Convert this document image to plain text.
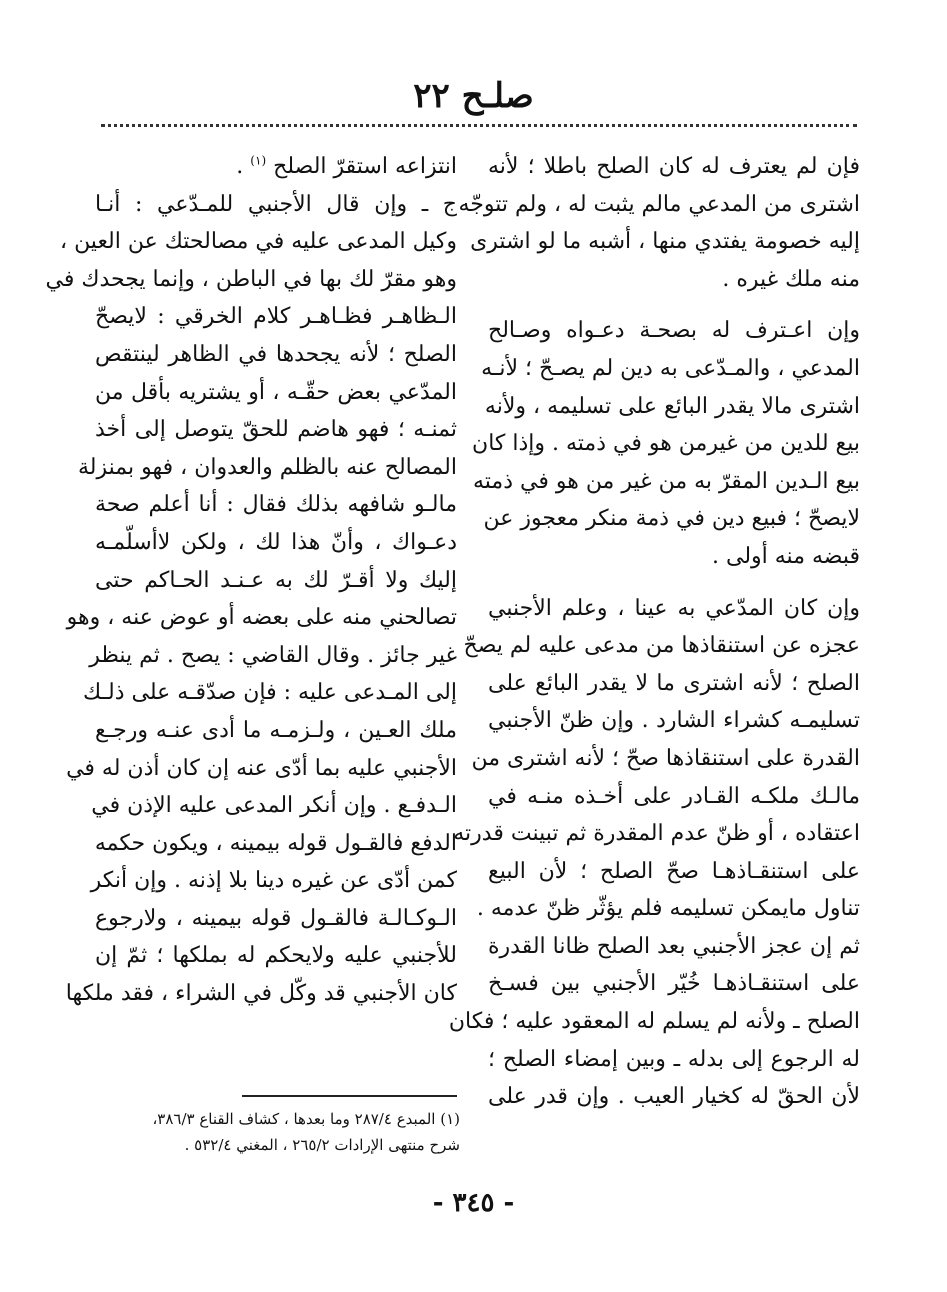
صلـح ٢٢
فإن لم يعترف له كان الصلح باطلا ؛ لأنه
اشترى من المدعي مالم يثبت له ، ولم تتوجّه
إليه خصومة يفتدي منها ، أشبه ما لو اشترى
منه ملك غيره .
وإن اعـترف له بصحـة دعـواه وصـالح
المدعي ، والمـدّعى به دين لم يصـحّ ؛ لأنـه
اشترى مالا يقدر البائع على تسليمه ، ولأنه
بيع للدين من غيرمن هو في ذمته . وإذا كان
بيع الـدين المقرّ به من غير من هو في ذمته
لايصحّ ؛ فبيع دين في ذمة منكر معجوز عن
قبضه منه أولى .
وإن كان المدّعي به عينا ، وعلم الأجنبي
عجزه عن استنقاذها من مدعى عليه لم يصحّ
الصلح ؛ لأنه اشترى ما لا يقدر البائع على
تسليمـه كشراء الشارد . وإن ظنّ الأجنبي
القدرة على استنقاذها صحّ ؛ لأنه اشترى من
مالـك ملكـه القـادر على أخـذه منـه في
اعتقاده ، أو ظنّ عدم المقدرة ثم تبينت قدرته
على استنقـاذهـا صحّ الصلح ؛ لأن البيع
تناول مايمكن تسليمه فلم يؤثّر ظنّ عدمه .
ثم إن عجز الأجنبي بعد الصلح ظانا القدرة
على استنقـاذهـا خُيّر الأجنبي بين فسـخ
الصلح ـ ولأنه لم يسلم له المعقود عليه ؛ فكان
له الرجوع إلى بدله ـ وبين إمضاء الصلح ؛
لأن الحقّ له كخيار العيب . وإن قدر على
انتزاعه استقرّ الصلح $^{(١)}$ .
ج ـ وإن قال الأجنبي للمـدّعي : أنـا
وكيل المدعى عليه في مصالحتك عن العين ،
وهو مقرّ لك بها في الباطن ، وإنما يجحدك في
الـظاهـر فظـاهـر كلام الخرقي : لايصحّ
الصلح ؛ لأنه يجحدها في الظاهر لينتقص
المدّعي بعض حقّـه ، أو يشتريه بأقل من
ثمنـه ؛ فهو هاضم للحقّ يتوصل إلى أخذ
المصالح عنه بالظلم والعدوان ، فهو بمنزلة
مالـو شافهه بذلك فقال : أنا أعلم صحة
دعـواك ، وأنّ هذا لك ، ولكن لاأسلّمـه
إليك ولا أقـرّ لك به عـنـد الحـاكم حتى
تصالحني منه على بعضه أو عوض عنه ، وهو
غير جائز . وقال القاضي : يصح . ثم ينظر
إلى المـدعى عليه : فإن صدّقـه على ذلـك
ملك العـين ، ولـزمـه ما أدى عنـه ورجـع
الأجنبي عليه بما أدّى عنه إن كان أذن له في
الـدفـع . وإن أنكر المدعى عليه الإذن في
الدفع فالقـول قوله بيمينه ، ويكون حكمه
كمن أدّى عن غيره دينا بلا إذنه . وإن أنكر
الـوكـالـة فالقـول قوله بيمينه ، ولارجوع
للأجنبي عليه ولايحكم له بملكها ؛ ثمّ إن
كان الأجنبي قد وكّل في الشراء ، فقد ملكها
(١) المبدع ٢٨٧/٤ وما بعدها ، كشاف القناع ٣٨٦/٣،
شرح منتهى الإرادات ٢٦٥/٢ ، المغني ٥٣٢/٤ .
- ٣٤٥ -
